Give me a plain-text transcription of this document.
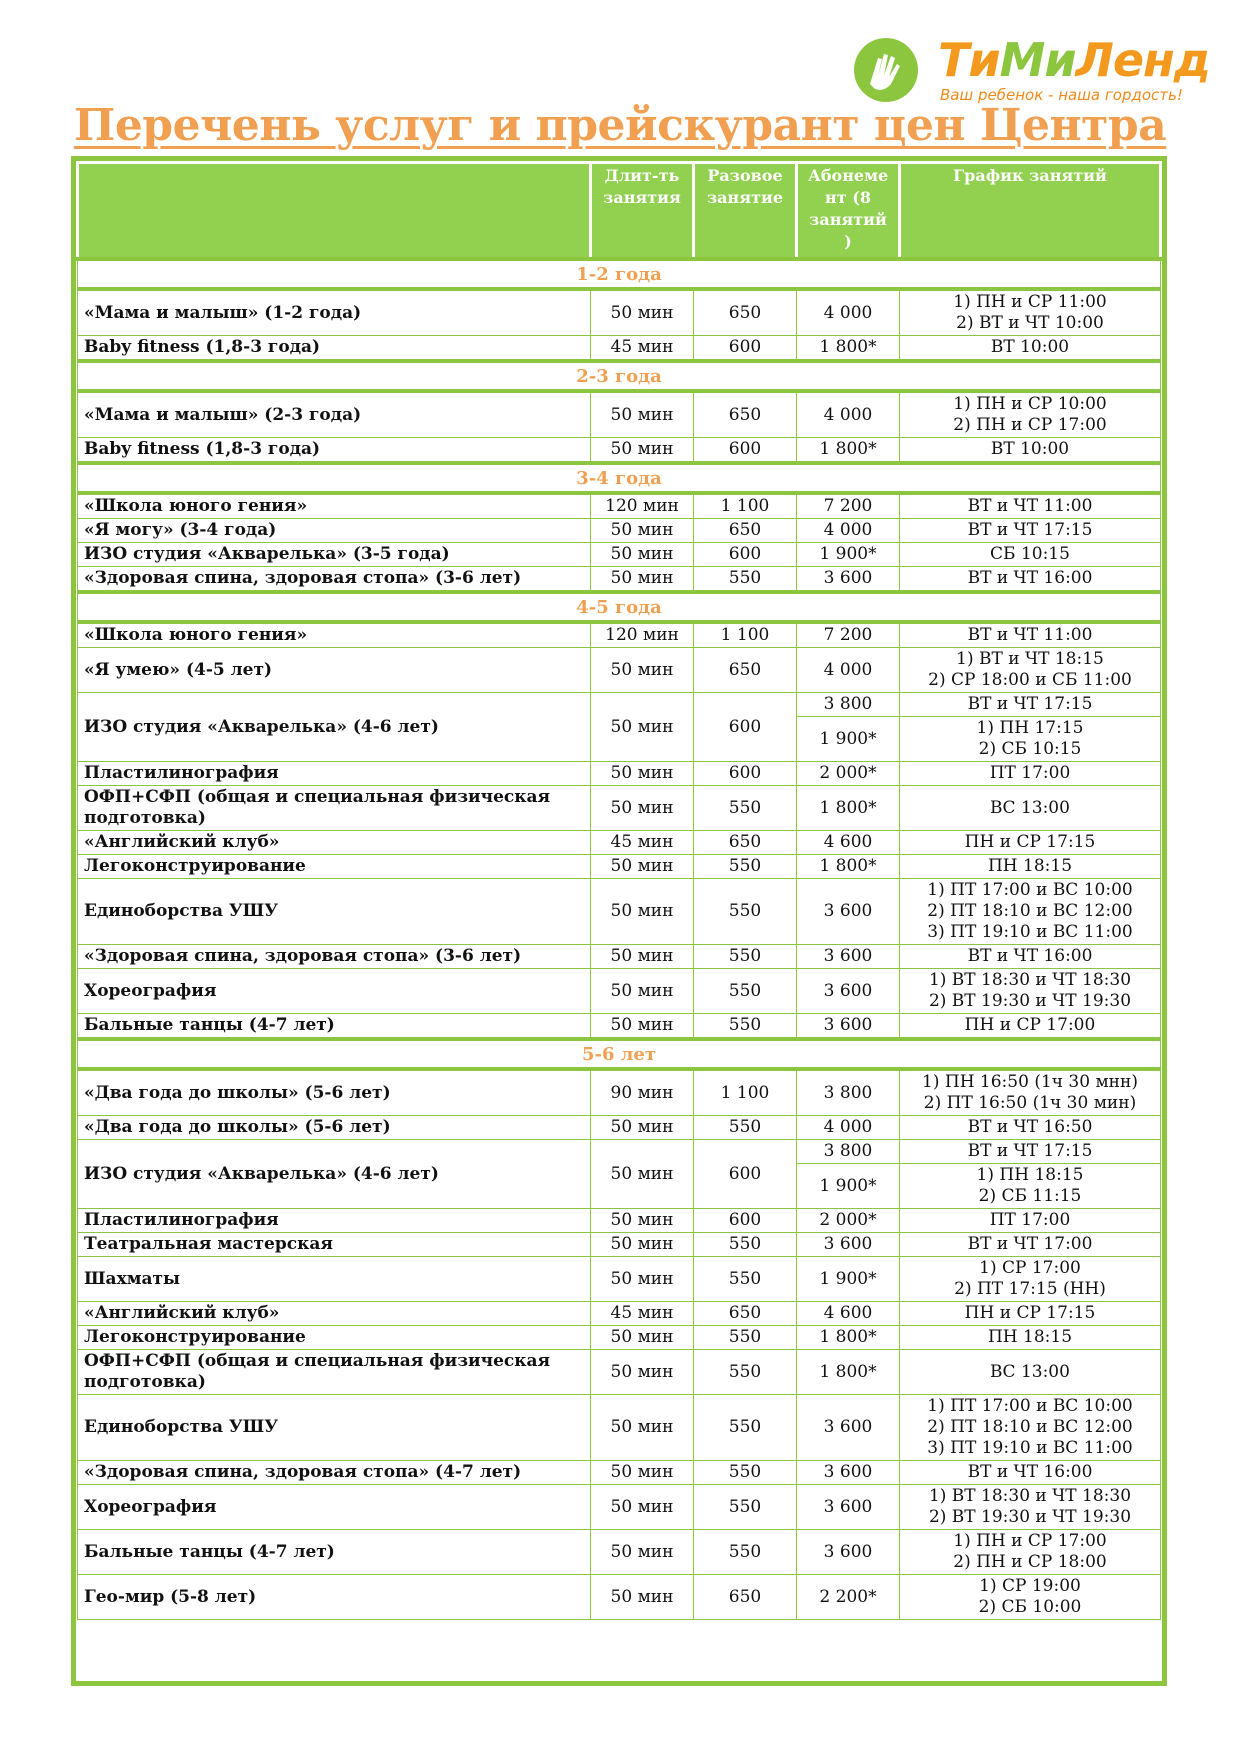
ТиМиЛенд
Ваш ребенок - наша гордость!
Перечень услуг и прейскурант цен Центра

	Длит-ть
занятия	Разовое
занятие	Абонеме
нт (8
занятий
)	График занятий

1-2 года				
«Мама и малыш» (1-2 года)	50 мин	650	4 000	1) ПН и СР 11:00
2) ВТ и ЧТ 10:00

Baby fitness (1,8-3 года)	45 мин	600	1 800*	ВТ 10:00

2-3 года				
«Мама и малыш» (2-3 года)	50 мин	650	4 000	1) ПН и СР 10:00
2) ПН и СР 17:00

Baby fitness (1,8-3 года)	50 мин	600	1 800*	ВТ 10:00

3-4 года				
«Школа юного гения»	120 мин	1 100	7 200	ВТ и ЧТ 11:00

«Я могу» (3-4 года)	50 мин	650	4 000	ВТ и ЧТ 17:15

ИЗО студия «Акварелька» (3-5 года)	50 мин	600	1 900*	СБ 10:15

«Здоровая спина, здоровая стопа» (3-6 лет)	50 мин	550	3 600	ВТ и ЧТ 16:00

4-5 года				
«Школа юного гения»	120 мин	1 100	7 200	ВТ и ЧТ 11:00

«Я умею» (4-5 лет)	50 мин	650	4 000	1) ВТ и ЧТ 18:15
2) СР 18:00 и СБ 11:00

ИЗО студия «Акварелька» (4-6 лет)	50 мин	600	3 800	ВТ и ЧТ 17:15

			1 900*	1) ПН 17:15
2) СБ 10:15

Пластилинография	50 мин	600	2 000*	ПТ 17:00

ОФП+СФП (общая и специальная физическая подготовка)	50 мин	550	1 800*	ВС 13:00

«Английский клуб»	45 мин	650	4 600	ПН и СР 17:15

Легоконструирование	50 мин	550	1 800*	ПН 18:15

Единоборства УШУ	50 мин	550	3 600	1) ПТ 17:00 и ВС 10:00
2) ПТ 18:10 и ВС 12:00
3) ПТ 19:10 и ВС 11:00

«Здоровая спина, здоровая стопа» (3-6 лет)	50 мин	550	3 600	ВТ и ЧТ 16:00

Хореография	50 мин	550	3 600	1) ВТ 18:30 и ЧТ 18:30
2) ВТ 19:30 и ЧТ 19:30

Бальные танцы (4-7 лет)	50 мин	550	3 600	ПН и СР 17:00

5-6 лет				
«Два года до школы» (5-6 лет)	90 мин	1 100	3 800	1) ПН 16:50 (1ч 30 мнн)
2) ПТ 16:50 (1ч 30 мин)

«Два года до школы» (5-6 лет)	50 мин	550	4 000	ВТ и ЧТ 16:50

ИЗО студия «Акварелька» (4-6 лет)	50 мин	600	3 800	ВТ и ЧТ 17:15

			1 900*	1) ПН 18:15
2) СБ 11:15

Пластилинография	50 мин	600	2 000*	ПТ 17:00

Театральная мастерская	50 мин	550	3 600	ВТ и ЧТ 17:00

Шахматы	50 мин	550	1 900*	1) СР 17:00
2) ПТ 17:15 (НН)

«Английский клуб»	45 мин	650	4 600	ПН и СР 17:15

Легоконструирование	50 мин	550	1 800*	ПН 18:15

ОФП+СФП (общая и специальная физическая подготовка)	50 мин	550	1 800*	ВС 13:00

Единоборства УШУ	50 мин	550	3 600	1) ПТ 17:00 и ВС 10:00
2) ПТ 18:10 и ВС 12:00
3) ПТ 19:10 и ВС 11:00

«Здоровая спина, здоровая стопа» (4-7 лет)	50 мин	550	3 600	ВТ и ЧТ 16:00

Хореография	50 мин	550	3 600	1) ВТ 18:30 и ЧТ 18:30
2) ВТ 19:30 и ЧТ 19:30

Бальные танцы (4-7 лет)	50 мин	550	3 600	1) ПН и СР 17:00
2) ПН и СР 18:00

Гео-мир (5-8 лет)	50 мин	650	2 200*	1) СР 19:00
2) СБ 10:00
